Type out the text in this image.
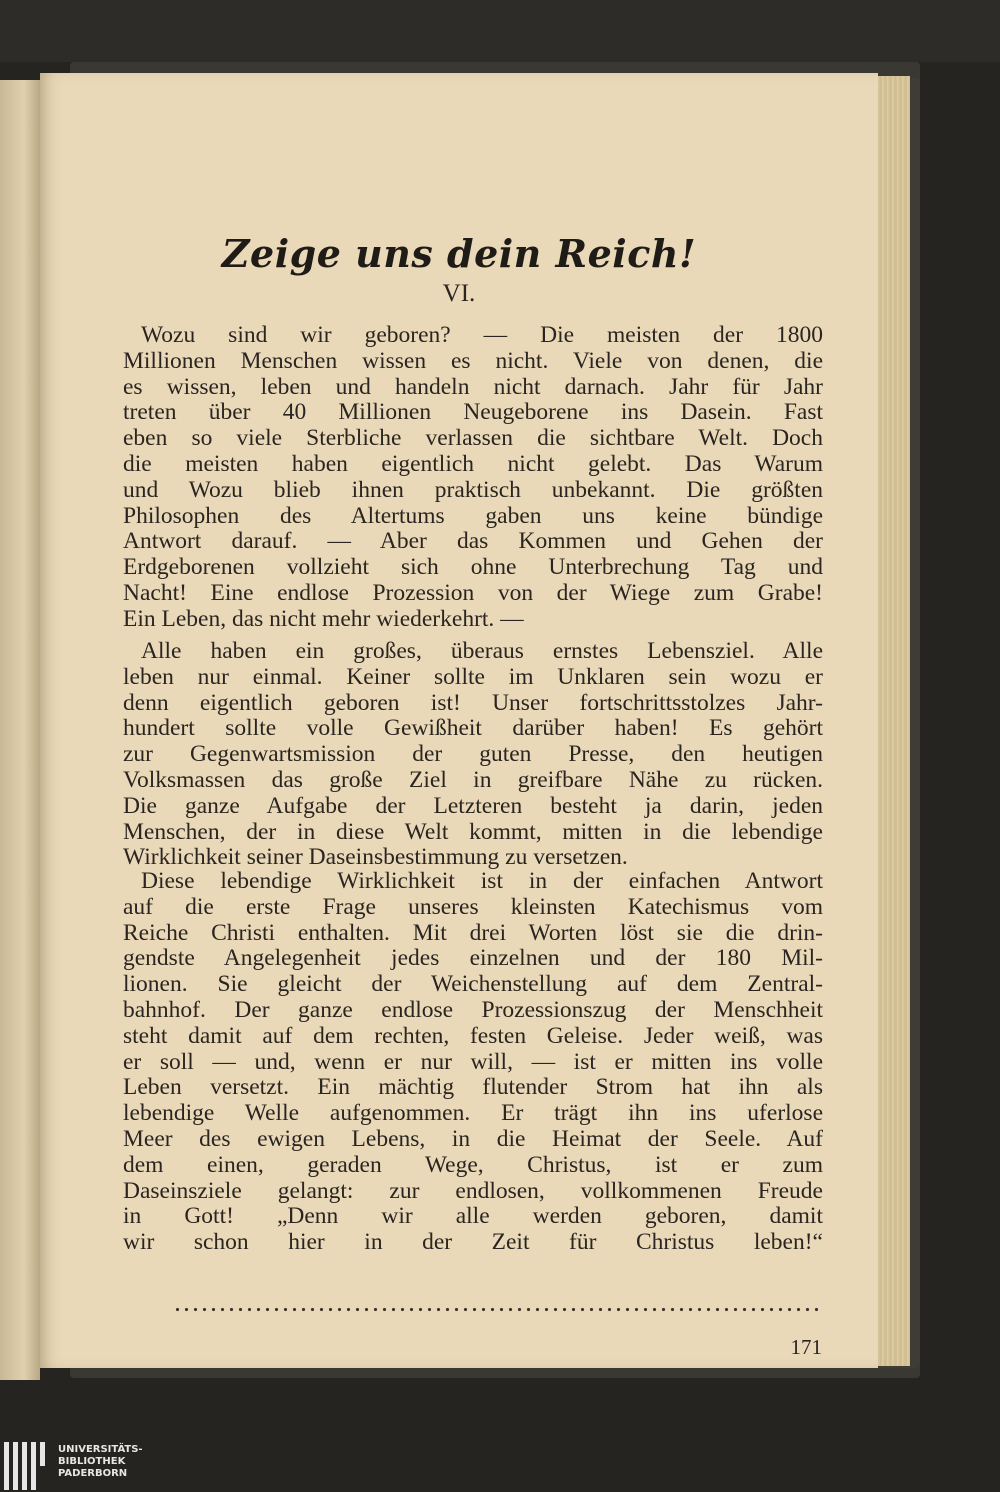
Zeige uns dein Reich!
VI.

Wozu sind wir geboren? — Die meisten der 1800
Millionen Menschen wissen es nicht. Viele von denen, die
es wissen, leben und handeln nicht darnach. Jahr für Jahr
treten über 40 Millionen Neugeborene ins Dasein. Fast
eben so viele Sterbliche verlassen die sichtbare Welt. Doch
die meisten haben eigentlich nicht gelebt. Das Warum
und Wozu blieb ihnen praktisch unbekannt. Die größten
Philosophen des Altertums gaben uns keine bündige
Antwort darauf. — Aber das Kommen und Gehen der
Erdgeborenen vollzieht sich ohne Unterbrechung Tag und
Nacht! Eine endlose Prozession von der Wiege zum Grabe!
Ein Leben, das nicht mehr wiederkehrt. —

Alle haben ein großes, überaus ernstes Lebensziel. Alle
leben nur einmal. Keiner sollte im Unklaren sein wozu er
denn eigentlich geboren ist! Unser fortschrittsstolzes Jahr-
hundert sollte volle Gewißheit darüber haben! Es gehört
zur Gegenwartsmission der guten Presse, den heutigen
Volksmassen das große Ziel in greifbare Nähe zu rücken.
Die ganze Aufgabe der Letzteren besteht ja darin, jeden
Menschen, der in diese Welt kommt, mitten in die lebendige
Wirklichkeit seiner Daseinsbestimmung zu versetzen.

Diese lebendige Wirklichkeit ist in der einfachen Antwort
auf die erste Frage unseres kleinsten Katechismus vom
Reiche Christi enthalten. Mit drei Worten löst sie die drin-
gendste Angelegenheit jedes einzelnen und der 180 Mil-
lionen. Sie gleicht der Weichenstellung auf dem Zentral-
bahnhof. Der ganze endlose Prozessionszug der Menschheit
steht damit auf dem rechten, festen Geleise. Jeder weiß, was
er soll — und, wenn er nur will, — ist er mitten ins volle
Leben versetzt. Ein mächtig flutender Strom hat ihn als
lebendige Welle aufgenommen. Er trägt ihn ins uferlose
Meer des ewigen Lebens, in die Heimat der Seele. Auf
dem einen, geraden Wege, Christus, ist er zum
Daseinsziele gelangt: zur endlosen, vollkommenen Freude
in Gott! „Denn wir alle werden geboren, damit
wir schon hier in der Zeit für Christus leben!“

171
UNIVERSITÄTS-
BIBLIOTHEK
PADERBORN
